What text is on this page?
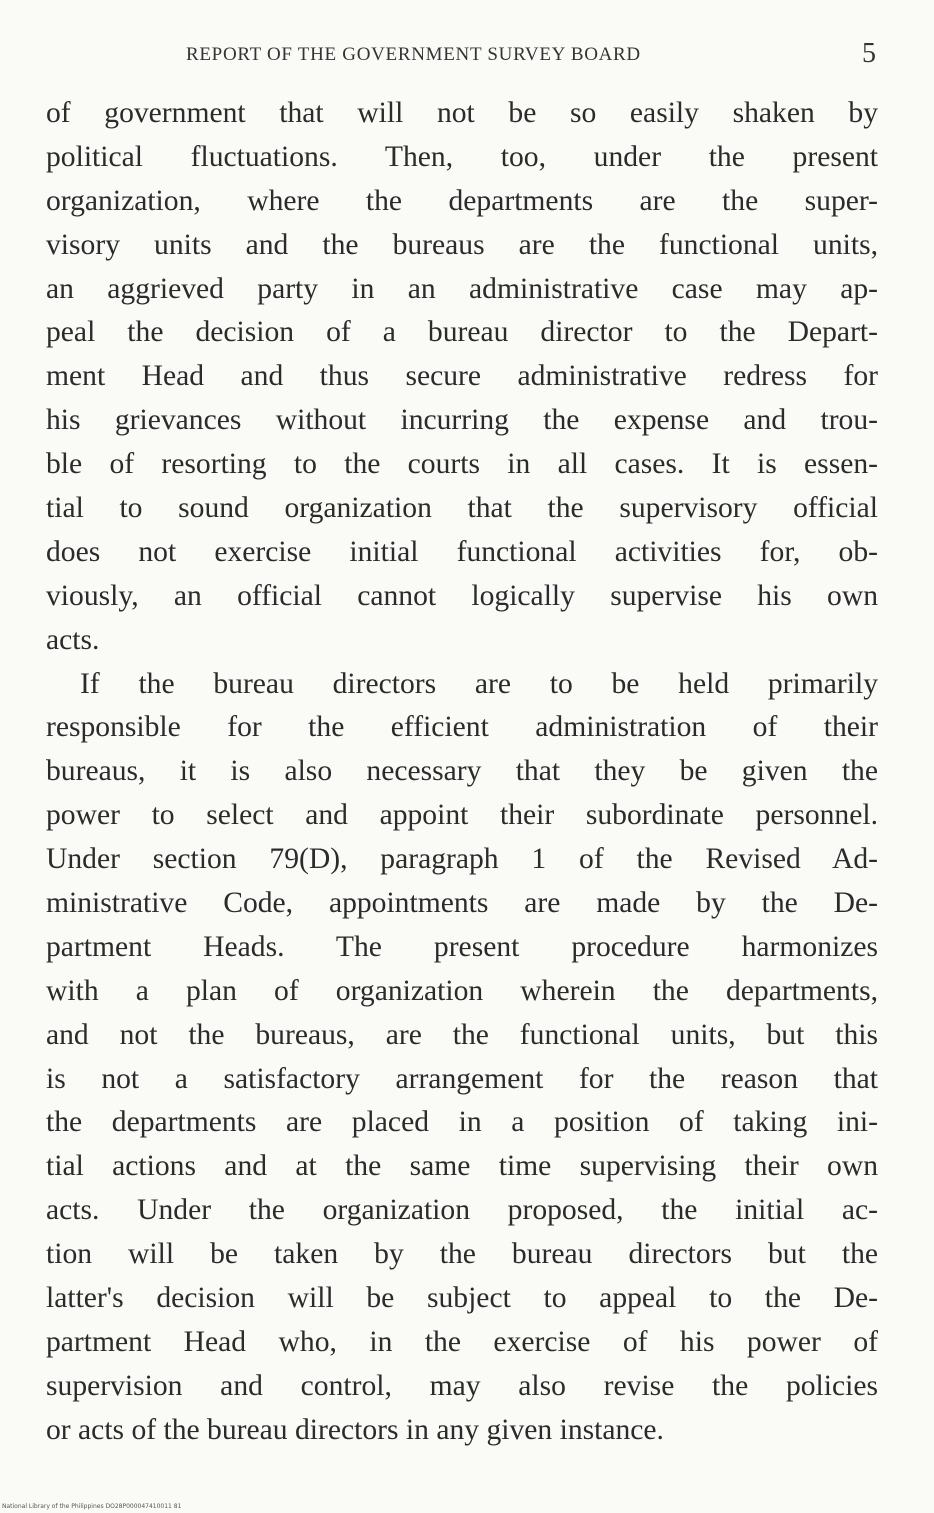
REPORT OF THE GOVERNMENT SURVEY BOARD	5
of government that will not be so easily shaken by
political fluctuations. Then, too, under the present
organization, where the departments are the super-
visory units and the bureaus are the functional units,
an aggrieved party in an administrative case may ap-
peal the decision of a bureau director to the Depart-
ment Head and thus secure administrative redress for
his grievances without incurring the expense and trou-
ble of resorting to the courts in all cases. It is essen-
tial to sound organization that the supervisory official
does not exercise initial functional activities for, ob-
viously, an official cannot logically supervise his own
acts.
If the bureau directors are to be held primarily
responsible for the efficient administration of their
bureaus, it is also necessary that they be given the
power to select and appoint their subordinate personnel.
Under section 79(D), paragraph 1 of the Revised Ad-
ministrative Code, appointments are made by the De-
partment Heads. The present procedure harmonizes
with a plan of organization wherein the departments,
and not the bureaus, are the functional units, but this
is not a satisfactory arrangement for the reason that
the departments are placed in a position of taking ini-
tial actions and at the same time supervising their own
acts. Under the organization proposed, the initial ac-
tion will be taken by the bureau directors but the
latter's decision will be subject to appeal to the De-
partment Head who, in the exercise of his power of
supervision and control, may also revise the policies
or acts of the bureau directors in any given instance.
National Library of the Philippines DO28P000047410011 81
